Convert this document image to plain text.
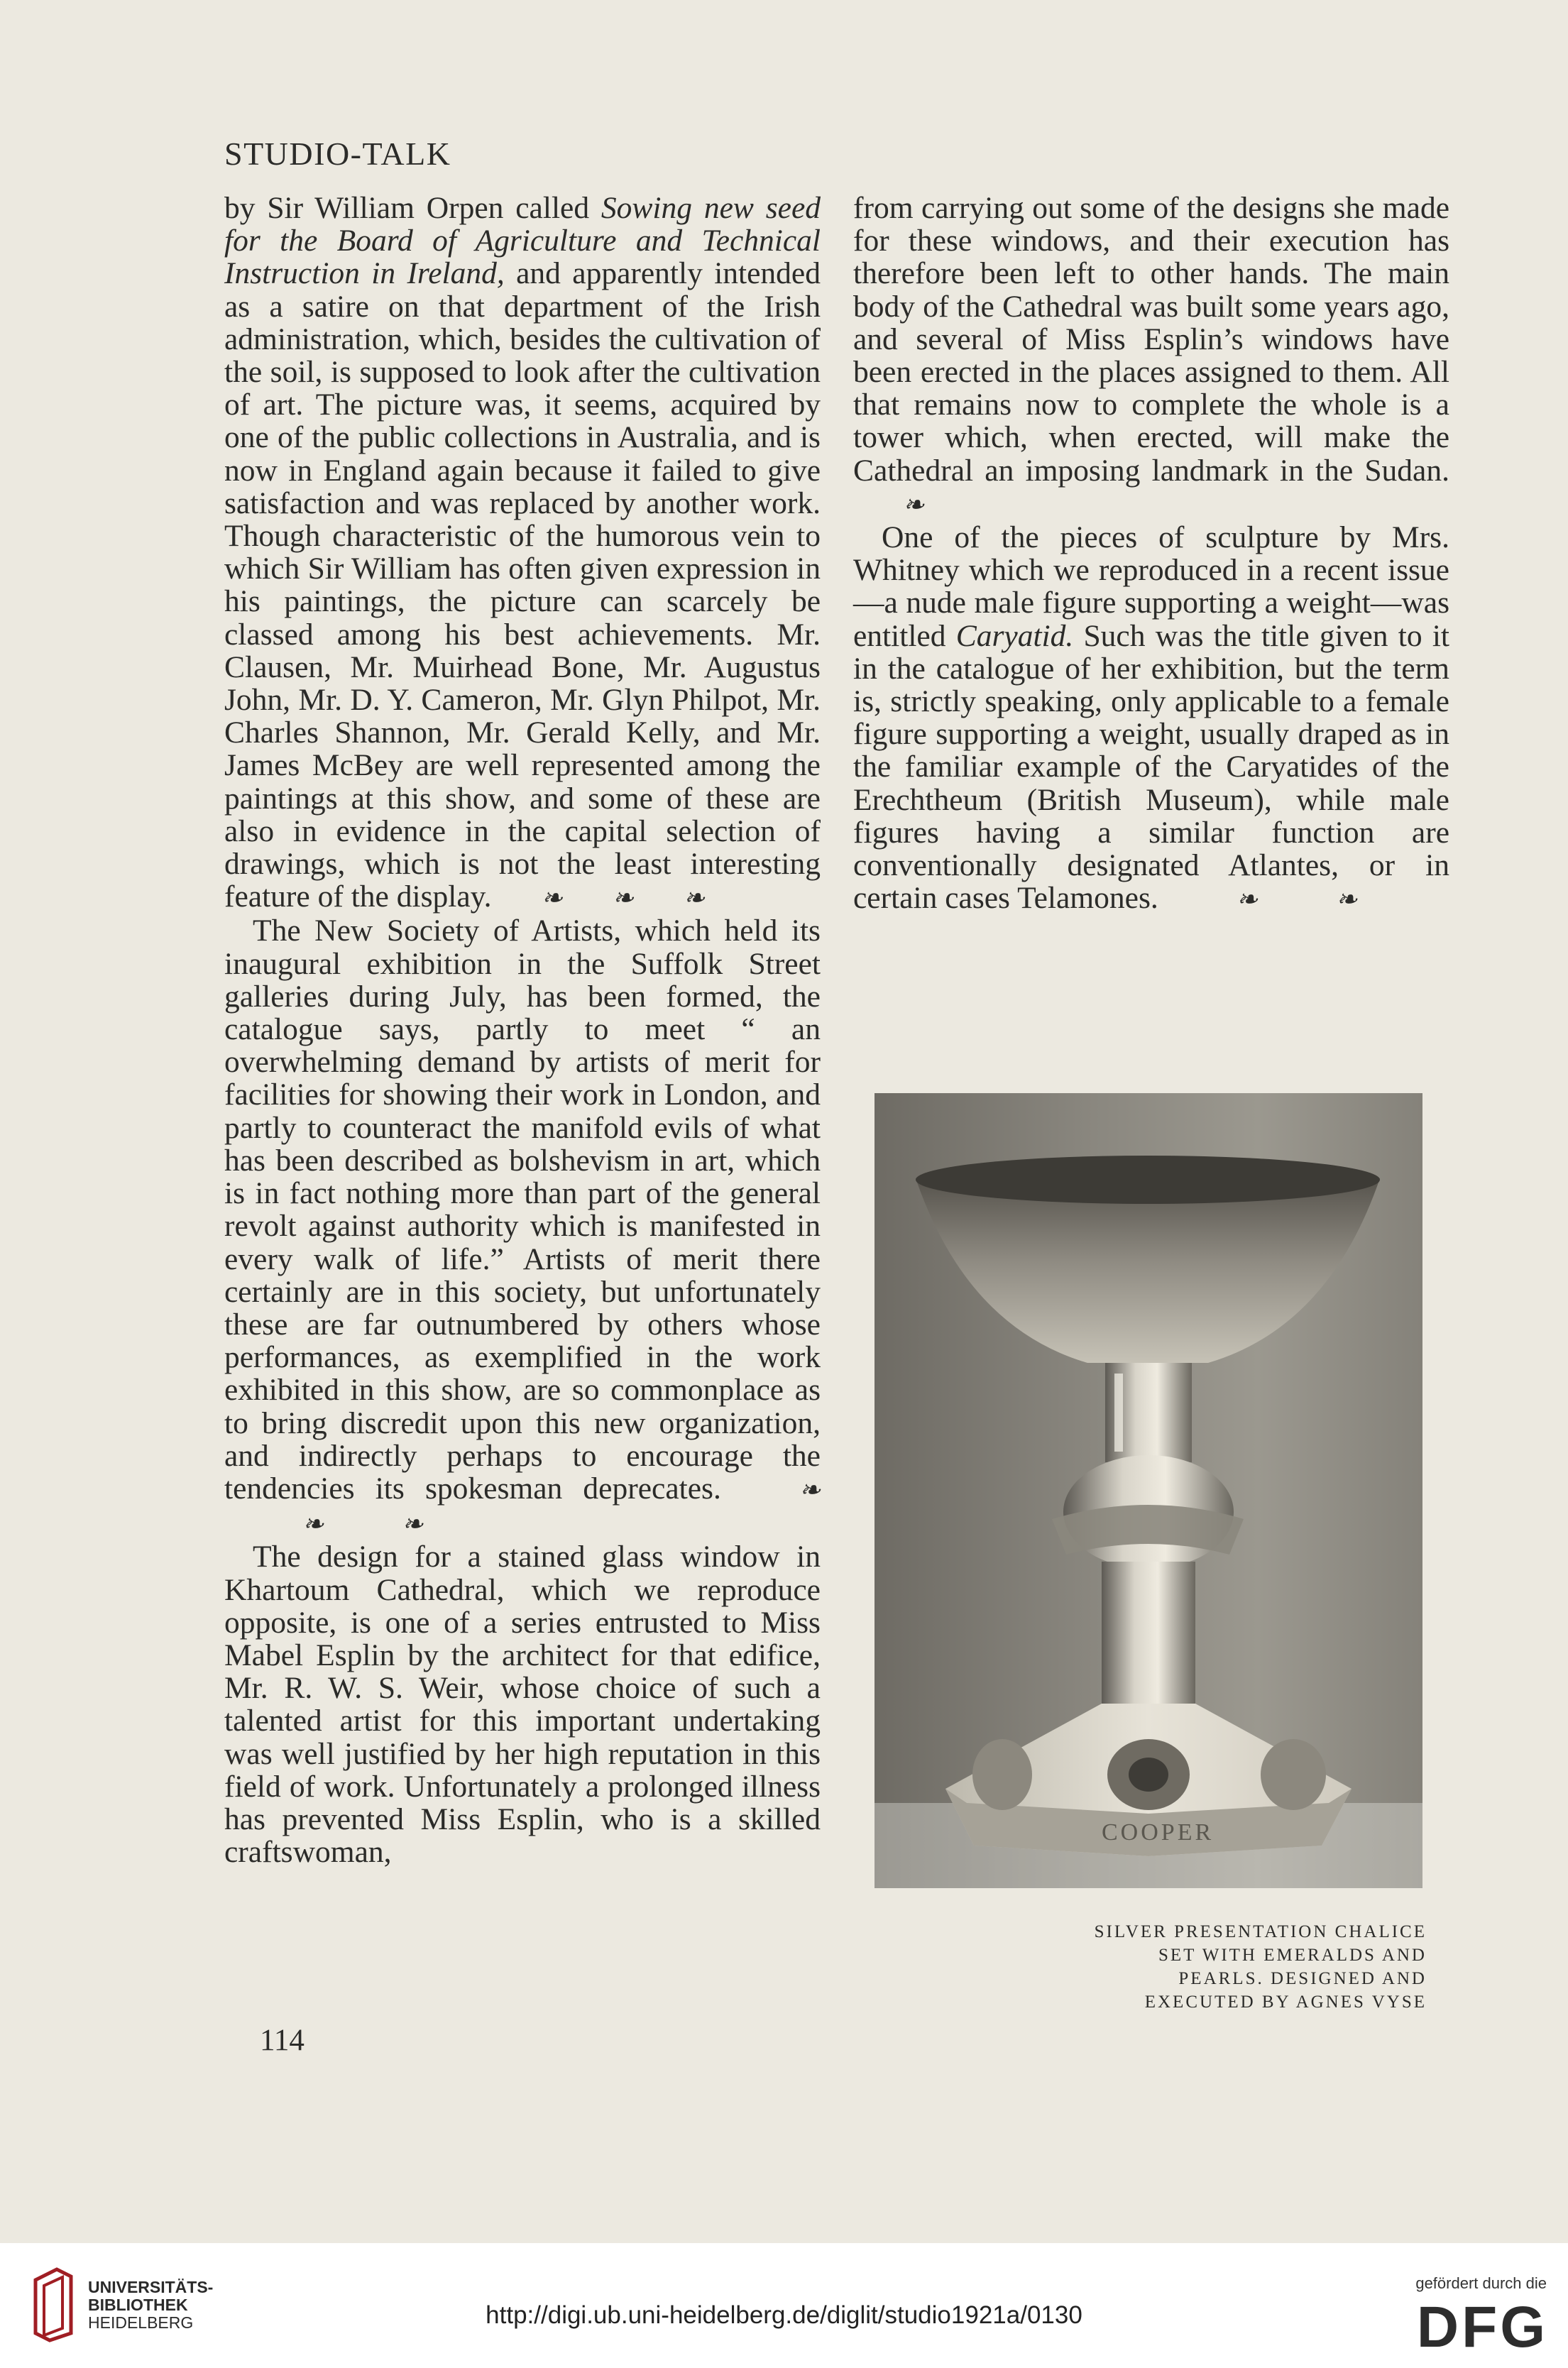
STUDIO-TALK

by Sir William Orpen called Sowing new seed for the Board of Agriculture and Technical Instruction in Ireland, and apparently intended as a satire on that department of the Irish administration, which, besides the cultivation of the soil, is supposed to look after the cultivation of art. The picture was, it seems, acquired by one of the public collections in Australia, and is now in England again because it failed to give satisfaction and was replaced by another work. Though characteristic of the humorous vein to which Sir William has often given expression in his paintings, the picture can scarcely be classed among his best achievements. Mr. Clausen, Mr. Muirhead Bone, Mr. Augustus John, Mr. D. Y. Cameron, Mr. Glyn Philpot, Mr. Charles Shannon, Mr. Gerald Kelly, and Mr. James McBey are well represented among the paintings at this show, and some of these are also in evidence in the capital selection of drawings, which is not the least interesting feature of the display. ❧ ❧ ❧

The New Society of Artists, which held its inaugural exhibition in the Suffolk Street galleries during July, has been formed, the catalogue says, partly to meet “ an overwhelming demand by artists of merit for facilities for showing their work in London, and partly to counteract the manifold evils of what has been described as bolshevism in art, which is in fact nothing more than part of the general revolt against authority which is manifested in every walk of life.” Artists of merit there certainly are in this society, but unfortunately these are far outnumbered by others whose performances, as exemplified in the work exhibited in this show, are so commonplace as to bring discredit upon this new organization, and indirectly perhaps to encourage the tendencies its spokesman deprecates.	❧❧	❧

The design for a stained glass window in Khartoum Cathedral, which we reproduce opposite, is one of a series entrusted to Miss Mabel Esplin by the architect for that edifice, Mr. R. W. S. Weir, whose choice of such a talented artist for this important undertaking was well justified by her high reputation in this field of work. Unfortunately a prolonged illness has prevented Miss Esplin, who is a skilled craftswoman,

114

from carrying out some of the designs she made for these windows, and their execution has therefore been left to other hands. The main body of the Cathedral was built some years ago, and several of Miss Esplin’s windows have been erected in the places assigned to them. All that remains now to complete the whole is a tower which, when erected, will make the Cathedral an imposing landmark in the Sudan.❧

One of the pieces of sculpture by Mrs. Whitney which we reproduced in a recent issue—a nude male figure supporting a weight—was entitled Caryatid. Such was the title given to it in the catalogue of her exhibition, but the term is, strictly speaking, only applicable to a female figure supporting a weight, usually draped as in the familiar example of the Caryatides of the Erechtheum (British Museum), while male figures having a similar function are conventionally designated Atlantes, or in certain cases Telamones.	❧	❧

COOPER
SILVER PRESENTATION CHALICE
SET WITH EMERALDS AND
PEARLS. DESIGNED AND
EXECUTED BY AGNES VYSE
UNIVERSITÄTS-
BIBLIOTHEK
HEIDELBERG	http://digi.ub.uni-heidelberg.de/diglit/studio1921a/0130
gefördert durch die
DFG
